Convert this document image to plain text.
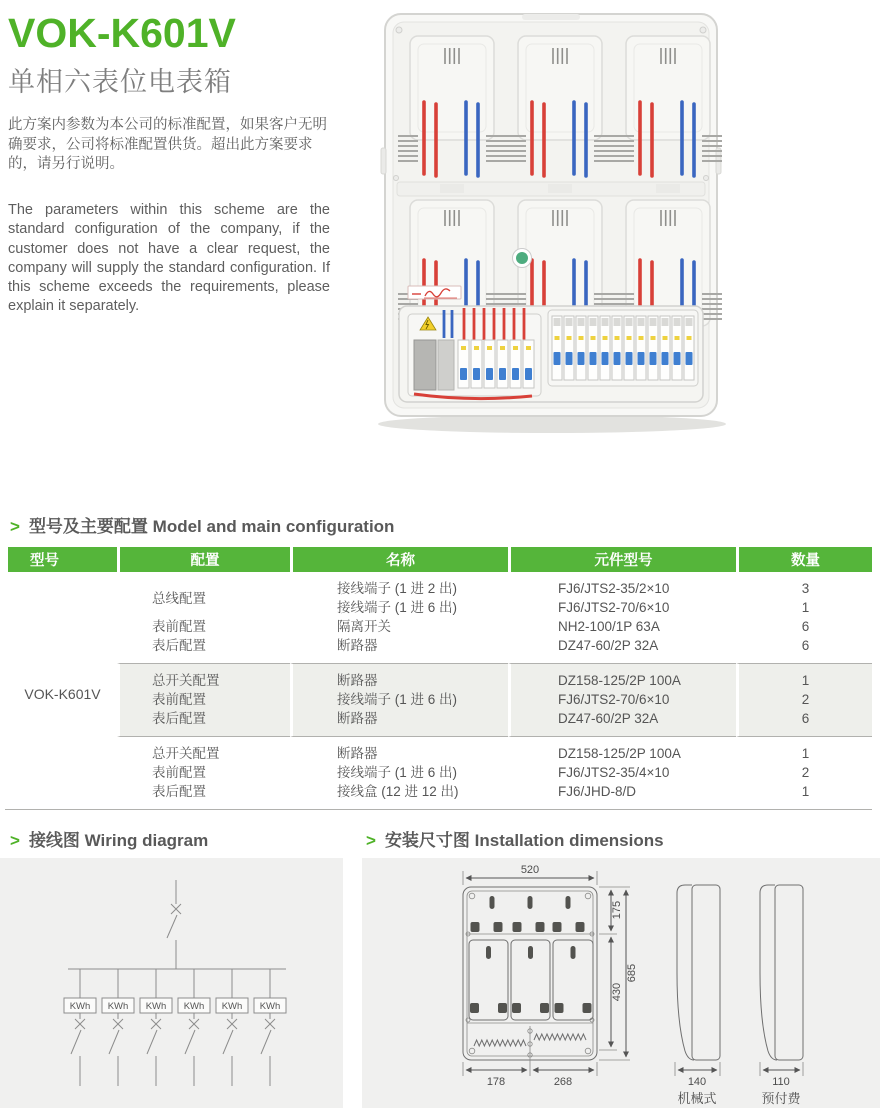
VOK-K601V
单相六表位电表箱
此方案内参数为本公司的标准配置，如果客户无明确要求，公司将标准配置供货。超出此方案要求的，请另行说明。
The parameters within this scheme are the standard configuration of the company, if the customer does not have a clear request, the company will supply the standard configuration. If this scheme exceeds the requirements, please explain it separately.
> 型号及主要配置 Model and main configuration
型号	配置	名称	元件型号	数量
VOK-K601V	总线配置	接线端子 (1 进 2 出)	FJ6/JTS2-35/2×10	3
		接线端子 (1 进 6 出)	FJ6/JTS2-70/6×10	1
	表前配置	隔离开关	NH2-100/1P 63A	6
	表后配置	断路器	DZ47-60/2P 32A	6
	总开关配置	断路器	DZ158-125/2P 100A	1
	表前配置	接线端子 (1 进 6 出)	FJ6/JTS2-70/6×10	2
	表后配置	断路器	DZ47-60/2P 32A	6
	总开关配置	断路器	DZ158-125/2P 100A	1
	表前配置	接线端子 (1 进 6 出)	FJ6/JTS2-35/4×10	2
	表后配置	接线盒 (12 进 12 出)	FJ6/JHD-8/D	1
> 接线图 Wiring diagram	> 安装尺寸图 Installation dimensions
KWh KWh KWh KWh KWh KWh
520
175
430
685
178	268	140
机械式
110
预付费
